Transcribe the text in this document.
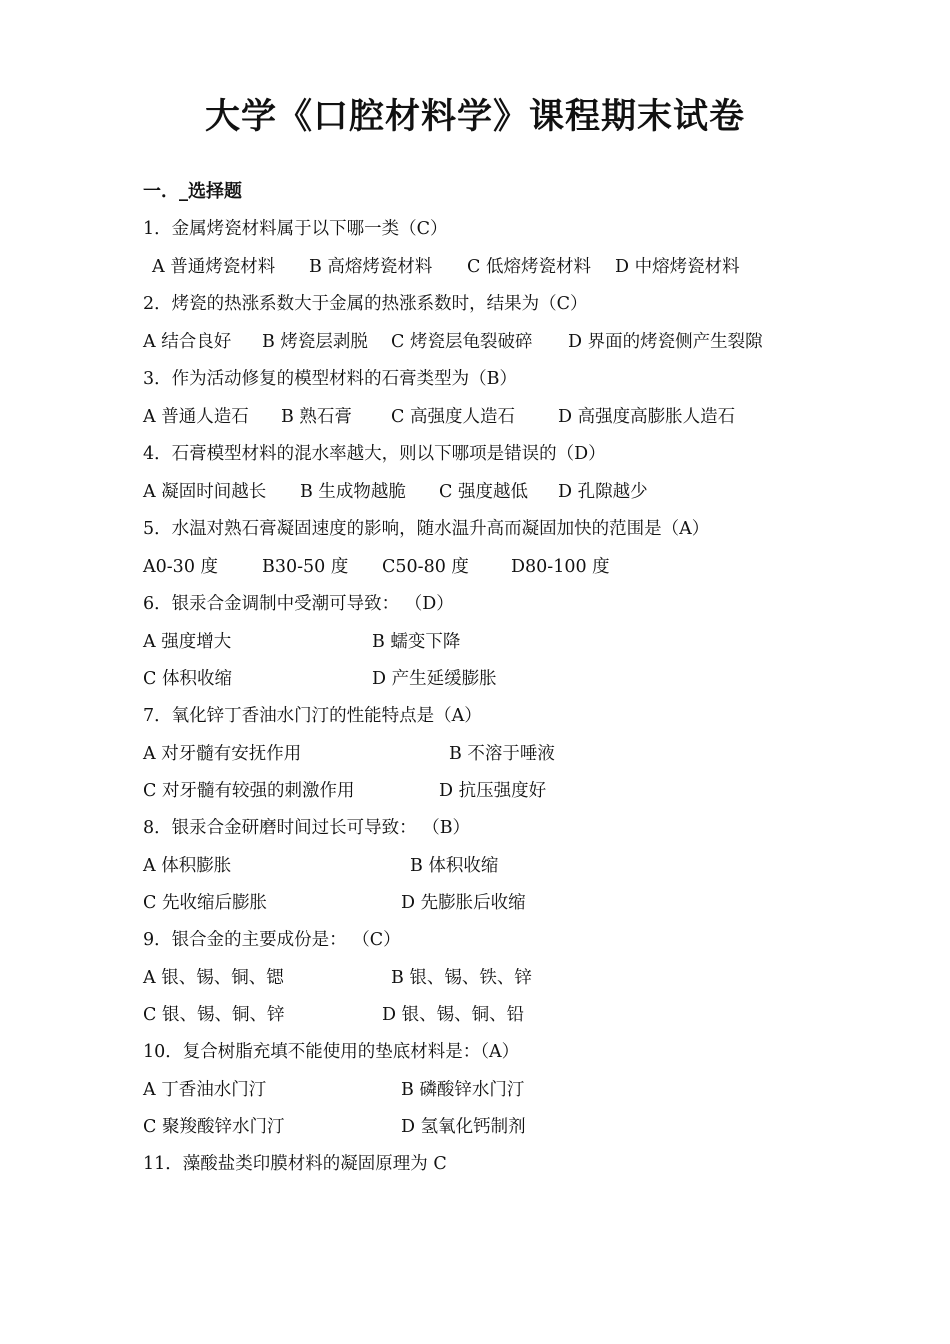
大学《口腔材料学》课程期末试卷
一．_选择题
1．金属烤瓷材料属于以下哪一类（C）
A 普通烤瓷材料 B 高熔烤瓷材料 C 低熔烤瓷材料 D 中熔烤瓷材料
2．烤瓷的热涨系数大于金属的热涨系数时，结果为（C）
A 结合良好 B 烤瓷层剥脱 C 烤瓷层龟裂破碎 D 界面的烤瓷侧产生裂隙
3．作为活动修复的模型材料的石膏类型为（B）
A 普通人造石 B 熟石膏 C 高强度人造石 D 高强度高膨胀人造石
4．石膏模型材料的混水率越大，则以下哪项是错误的（D）
A 凝固时间越长 B 生成物越脆 C 强度越低 D 孔隙越少
5．水温对熟石膏凝固速度的影响，随水温升高而凝固加快的范围是（A）
A0-30 度	B30-50 度 C50-80 度 D80-100 度
6．银汞合金调制中受潮可导致： （D）
A 强度增大	B 蠕变下降
C 体积收缩	D 产生延缓膨胀
7．氧化锌丁香油水门汀的性能特点是（A）
A 对牙髓有安抚作用	B 不溶于唾液
C 对牙髓有较强的刺激作用	D 抗压强度好
8．银汞合金研磨时间过长可导致： （B）
A 体积膨胀	B 体积收缩
C 先收缩后膨胀	D 先膨胀后收缩
9．银合金的主要成份是： （C）
A 银、锡、铜、锶	B 银、锡、铁、锌
C 银、锡、铜、锌	D 银、锡、铜、铅
10．复合树脂充填不能使用的垫底材料是：（A）
A 丁香油水门汀	B 磷酸锌水门汀
C 聚羧酸锌水门汀	D 氢氧化钙制剂
11．藻酸盐类印膜材料的凝固原理为 C
